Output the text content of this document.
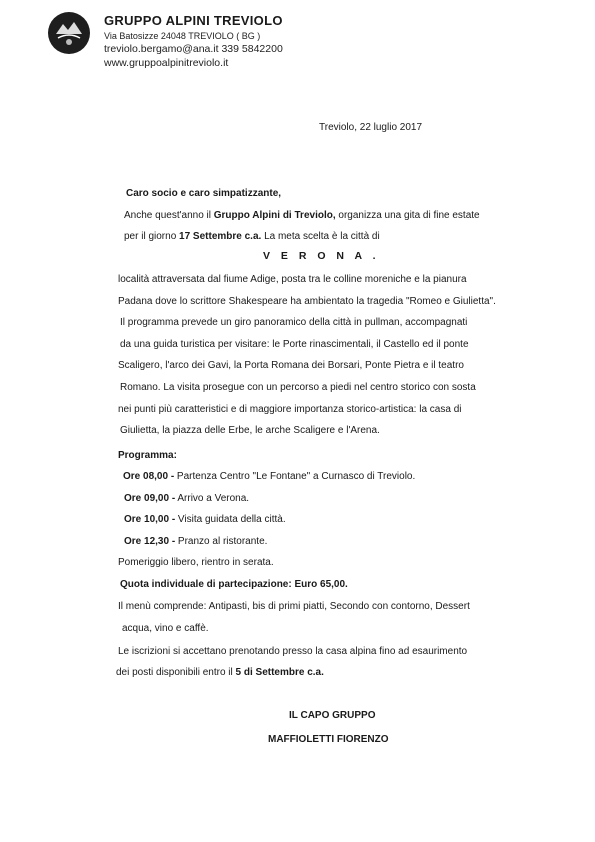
GRUPPO ALPINI TREVIOLO
Via Batosizze 24048 TREVIOLO ( BG )
treviolo.bergamo@ana.it 339 5842200
www.gruppoalpinitreviolo.it
Treviolo, 22 luglio 2017
Caro socio e caro simpatizzante,
Anche quest'anno il Gruppo Alpini di Treviolo, organizza una gita di fine estate
per il giorno 17 Settembre c.a. La meta scelta è la città di
V E R O N A .
località attraversata dal fiume Adige, posta tra le colline moreniche e la pianura
Padana dove lo scrittore Shakespeare ha ambientato la tragedia "Romeo e Giulietta".
Il programma prevede un giro panoramico della città in pullman, accompagnati
da una guida turistica per visitare: le Porte rinascimentali, il Castello ed il ponte
Scaligero, l'arco dei Gavi, la Porta Romana dei Borsari, Ponte Pietra e il teatro
Romano. La visita prosegue con un percorso a piedi nel centro storico con sosta
nei punti più caratteristici e di maggiore importanza storico-artistica: la casa di
Giulietta, la piazza delle Erbe, le arche Scaligere e l'Arena.
Programma:
Ore 08,00 - Partenza Centro "Le Fontane" a Curnasco di Treviolo.
Ore 09,00 - Arrivo a Verona.
Ore 10,00 - Visita guidata della città.
Ore 12,30 - Pranzo al ristorante.
Pomeriggio libero, rientro in serata.
Quota individuale di partecipazione: Euro 65,00.
Il menù comprende: Antipasti, bis di primi piatti, Secondo con contorno, Dessert
acqua, vino e caffè.
Le iscrizioni si accettano prenotando presso la casa alpina fino ad esaurimento
dei posti disponibili entro il 5 di Settembre c.a.
IL CAPO GRUPPO
MAFFIOLETTI FIORENZO
